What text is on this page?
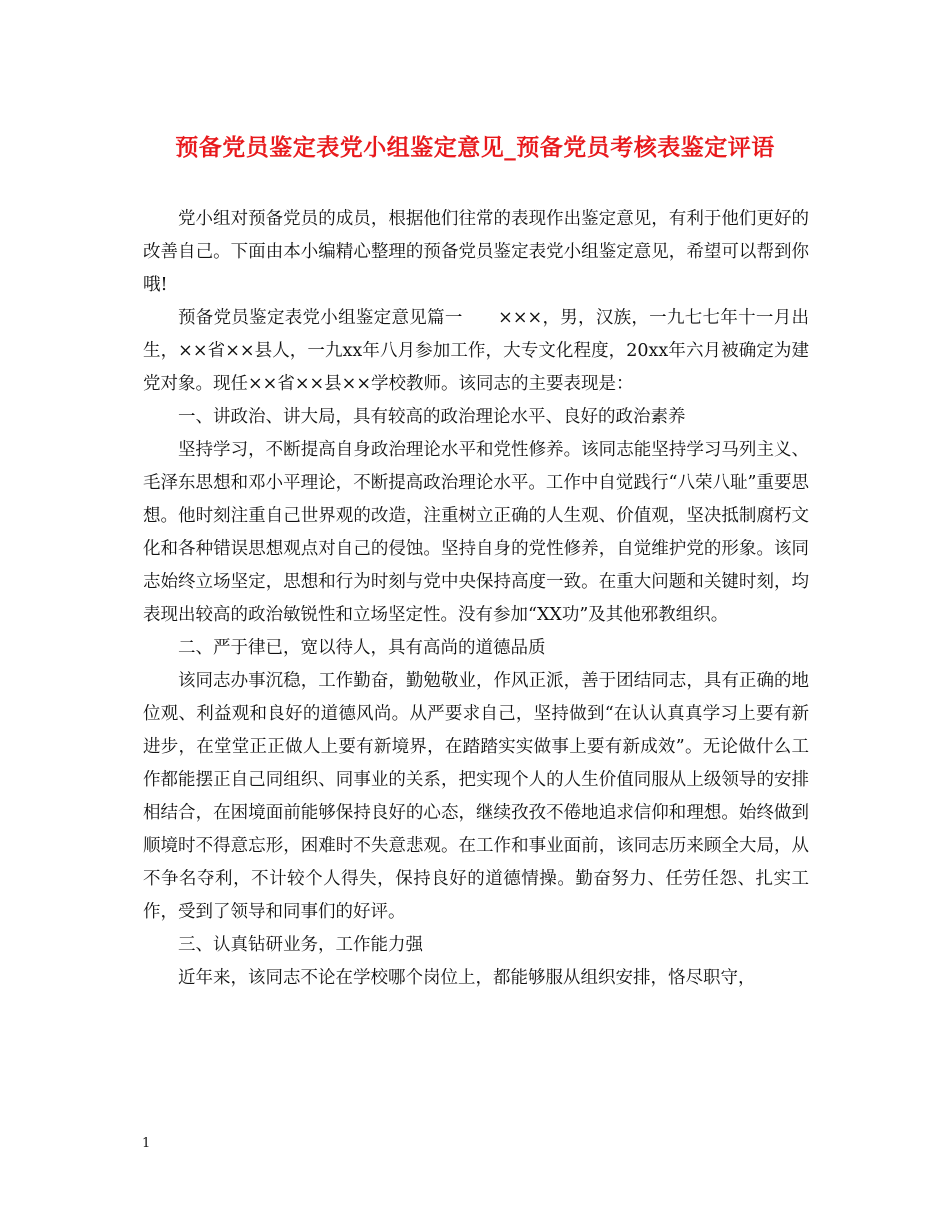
预备党员鉴定表党小组鉴定意见_预备党员考核表鉴定评语

党小组对预备党员的成员，根据他们往常的表现作出鉴定意见，有利于他们更好的改善自己。下面由本小编精心整理的预备党员鉴定表党小组鉴定意见，希望可以帮到你哦!

预备党员鉴定表党小组鉴定意见篇一　　×××，男，汉族，一九七七年十一月出生，××省××县人，一九xx年八月参加工作，大专文化程度，20xx年六月被确定为建党对象。现任××省××县××学校教师。该同志的主要表现是：

一、讲政治、讲大局，具有较高的政治理论水平、良好的政治素养

坚持学习，不断提高自身政治理论水平和党性修养。该同志能坚持学习马列主义、毛泽东思想和邓小平理论，不断提高政治理论水平。工作中自觉践行“八荣八耻”重要思想。他时刻注重自己世界观的改造，注重树立正确的人生观、价值观，坚决抵制腐朽文化和各种错误思想观点对自己的侵蚀。坚持自身的党性修养，自觉维护党的形象。该同志始终立场坚定，思想和行为时刻与党中央保持高度一致。在重大问题和关键时刻，均表现出较高的政治敏锐性和立场坚定性。没有参加“XX功”及其他邪教组织。

二、严于律已，宽以待人，具有高尚的道德品质

该同志办事沉稳，工作勤奋，勤勉敬业，作风正派，善于团结同志，具有正确的地位观、利益观和良好的道德风尚。从严要求自己，坚持做到“在认认真真学习上要有新进步，在堂堂正正做人上要有新境界，在踏踏实实做事上要有新成效”。无论做什么工作都能摆正自己同组织、同事业的关系，把实现个人的人生价值同服从上级领导的安排相结合，在困境面前能够保持良好的心态，继续孜孜不倦地追求信仰和理想。始终做到顺境时不得意忘形，困难时不失意悲观。在工作和事业面前，该同志历来顾全大局，从不争名夺利，不计较个人得失，保持良好的道德情操。勤奋努力、任劳任怨、扎实工作，受到了领导和同事们的好评。

三、认真钻研业务，工作能力强

近年来，该同志不论在学校哪个岗位上，都能够服从组织安排，恪尽职守，

1
